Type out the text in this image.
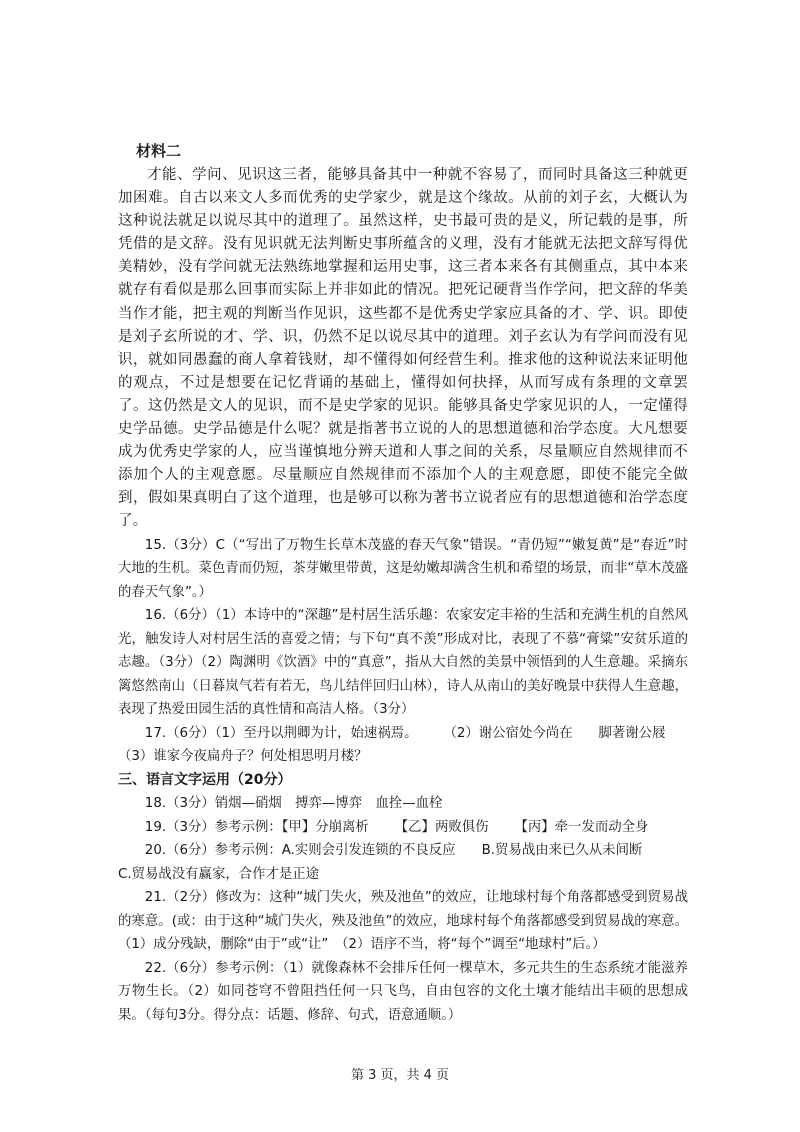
材料二

才能、学问、见识这三者，能够具备其中一种就不容易了，而同时具备这三种就更加困难。自古以来文人多而优秀的史学家少，就是这个缘故。从前的刘子玄，大概认为这种说法就足以说尽其中的道理了。虽然这样，史书最可贵的是义，所记载的是事，所凭借的是文辞。没有见识就无法判断史事所蕴含的义理，没有才能就无法把文辞写得优美精妙，没有学问就无法熟练地掌握和运用史事，这三者本来各有其侧重点，其中本来就存有看似是那么回事而实际上并非如此的情况。把死记硬背当作学问，把文辞的华美当作才能，把主观的判断当作见识，这些都不是优秀史学家应具备的才、学、识。即使是刘子玄所说的才、学、识，仍然不足以说尽其中的道理。刘子玄认为有学问而没有见识，就如同愚蠢的商人拿着钱财，却不懂得如何经营生利。推求他的这种说法来证明他的观点，不过是想要在记忆背诵的基础上，懂得如何抉择，从而写成有条理的文章罢了。这仍然是文人的见识，而不是史学家的见识。能够具备史学家见识的人，一定懂得史学品德。史学品德是什么呢？就是指著书立说的人的思想道德和治学态度。大凡想要成为优秀史学家的人，应当谨慎地分辨天道和人事之间的关系，尽量顺应自然规律而不添加个人的主观意愿。尽量顺应自然规律而不添加个人的主观意愿，即使不能完全做到，假如果真明白了这个道理，也是够可以称为著书立说者应有的思想道德和治学态度了。

15.（3分）C（“写出了万物生长草木茂盛的春天气象”错误。“青仍短”“嫩复黄”是“春近”时大地的生机。菜色青而仍短，茶芽嫩里带黄，这是幼嫩却满含生机和希望的场景，而非“草木茂盛的春天气象”。）

16.（6分）（1）本诗中的“深趣”是村居生活乐趣：农家安定丰裕的生活和充满生机的自然风光，触发诗人对村居生活的喜爱之情；与下句“真不羡”形成对比，表现了不慕“膏粱”安贫乐道的志趣。（3分）（2）陶渊明《饮酒》中的“真意”，指从大自然的美景中领悟到的人生意趣。采摘东篱悠然南山（日暮岚气若有若无，鸟儿结伴回归山林），诗人从南山的美好晚景中获得人生意趣，表现了热爱田园生活的真性情和高洁人格。（3分）

17.（6分）（1）至丹以荆卿为计，始速祸焉。 （2）谢公宿处今尚在 脚著谢公屐

（3）谁家今夜扁舟子？何处相思明月楼？

三、语言文字运用（20分）

18.（3分）销烟—硝烟　搏弈—博弈　血拴—血栓

19.（3分）参考示例：【甲】分崩离析 【乙】两败俱伤 【丙】牵一发而动全身

20.（6分）参考示例：A.实则会引发连锁的不良反应 B.贸易战由来已久从未间断

C.贸易战没有赢家，合作才是正途

21.（2分）修改为：这种“城门失火，殃及池鱼”的效应，让地球村每个角落都感受到贸易战的寒意。(或：由于这种“城门失火，殃及池鱼”的效应，地球村每个角落都感受到贸易战的寒意。（1）成分残缺，删除“由于”或“让”　（2）语序不当，将“每个”调至“地球村”后。）

22.（6分）参考示例：（1）就像森林不会排斥任何一棵草木，多元共生的生态系统才能滋养万物生长。（2）如同苍穹不曾阻挡任何一只飞鸟，自由包容的文化土壤才能结出丰硕的思想成果。（每句3分。得分点：话题、修辞、句式，语意通顺。）

第 3 页，共 4 页
